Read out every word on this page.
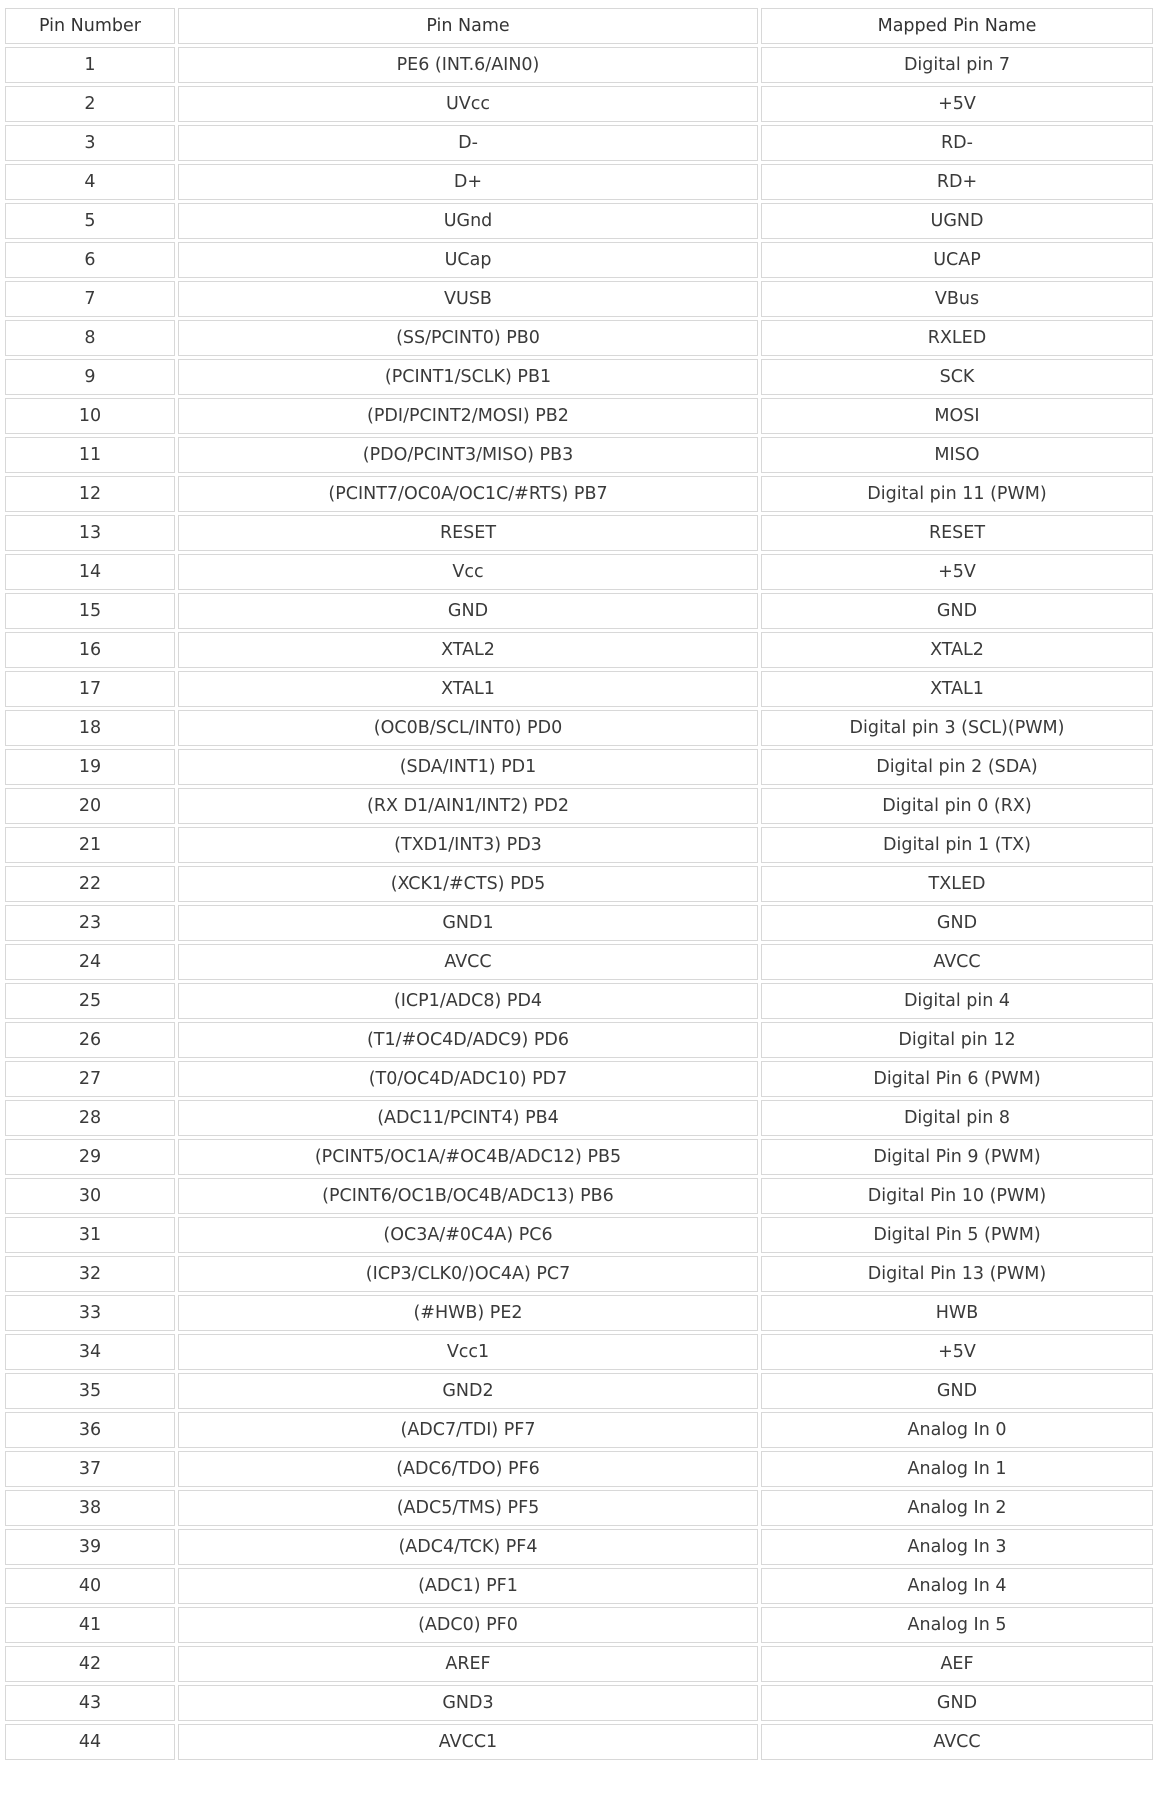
Pin Number	Pin Name	Mapped Pin Name
1	PE6 (INT.6/AIN0)	Digital pin 7
2	UVcc	+5V
3	D-	RD-
4	D+	RD+
5	UGnd	UGND
6	UCap	UCAP
7	VUSB	VBus
8	(SS/PCINT0) PB0	RXLED
9	(PCINT1/SCLK) PB1	SCK
10	(PDI/PCINT2/MOSI) PB2	MOSI
11	(PDO/PCINT3/MISO) PB3	MISO
12	(PCINT7/OC0A/OC1C/#RTS) PB7	Digital pin 11 (PWM)
13	RESET	RESET
14	Vcc	+5V
15	GND	GND
16	XTAL2	XTAL2
17	XTAL1	XTAL1
18	(OC0B/SCL/INT0) PD0	Digital pin 3 (SCL)(PWM)
19	(SDA/INT1) PD1	Digital pin 2 (SDA)
20	(RX D1/AIN1/INT2) PD2	Digital pin 0 (RX)
21	(TXD1/INT3) PD3	Digital pin 1 (TX)
22	(XCK1/#CTS) PD5	TXLED
23	GND1	GND
24	AVCC	AVCC
25	(ICP1/ADC8) PD4	Digital pin 4
26	(T1/#OC4D/ADC9) PD6	Digital pin 12
27	(T0/OC4D/ADC10) PD7	Digital Pin 6 (PWM)
28	(ADC11/PCINT4) PB4	Digital pin 8
29	(PCINT5/OC1A/#OC4B/ADC12) PB5	Digital Pin 9 (PWM)
30	(PCINT6/OC1B/OC4B/ADC13) PB6	Digital Pin 10 (PWM)
31	(OC3A/#0C4A) PC6	Digital Pin 5 (PWM)
32	(ICP3/CLK0/)OC4A) PC7	Digital Pin 13 (PWM)
33	(#HWB) PE2	HWB
34	Vcc1	+5V
35	GND2	GND
36	(ADC7/TDI) PF7	Analog In 0
37	(ADC6/TDO) PF6	Analog In 1
38	(ADC5/TMS) PF5	Analog In 2
39	(ADC4/TCK) PF4	Analog In 3
40	(ADC1) PF1	Analog In 4
41	(ADC0) PF0	Analog In 5
42	AREF	AEF
43	GND3	GND
44	AVCC1	AVCC
